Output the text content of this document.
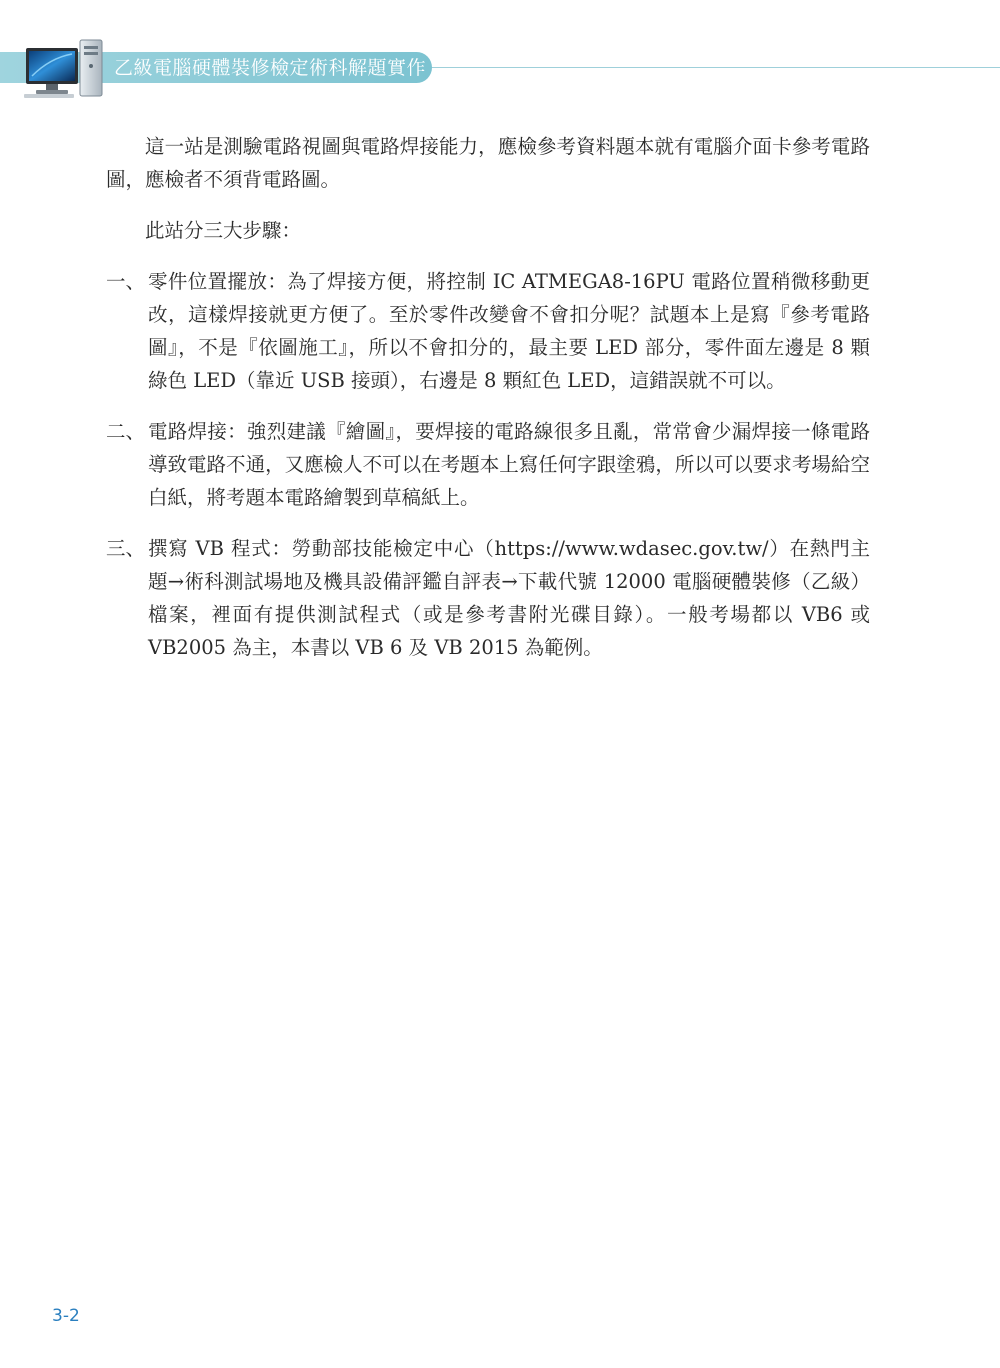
乙級電腦硬體裝修檢定術科解題實作

這一站是測驗電路視圖與電路焊接能力，應檢參考資料題本就有電腦介面卡參考電路圖，應檢者不須背電路圖。

此站分三大步驟：

一、 零件位置擺放：為了焊接方便，將控制 IC ATMEGA8-16PU 電路位置稍微移動更改，這樣焊接就更方便了。至於零件改變會不會扣分呢？試題本上是寫『參考電路圖』，不是『依圖施工』，所以不會扣分的，最主要 LED 部分，零件面左邊是 8 顆綠色 LED（靠近 USB 接頭），右邊是 8 顆紅色 LED，這錯誤就不可以。
二、 電路焊接：強烈建議『繪圖』，要焊接的電路線很多且亂，常常會少漏焊接一條電路導致電路不通，又應檢人不可以在考題本上寫任何字跟塗鴉，所以可以要求考場給空白紙，將考題本電路繪製到草稿紙上。
三、 撰寫 VB 程式：勞動部技能檢定中心（https://www.wdasec.gov.tw/）在熱門主題→術科測試場地及機具設備評鑑自評表→下載代號 12000 電腦硬體裝修（乙級）檔案，裡面有提供測試程式（或是參考書附光碟目錄）。一般考場都以 VB6 或 VB2005 為主，本書以 VB 6 及 VB 2015 為範例。
3-2
